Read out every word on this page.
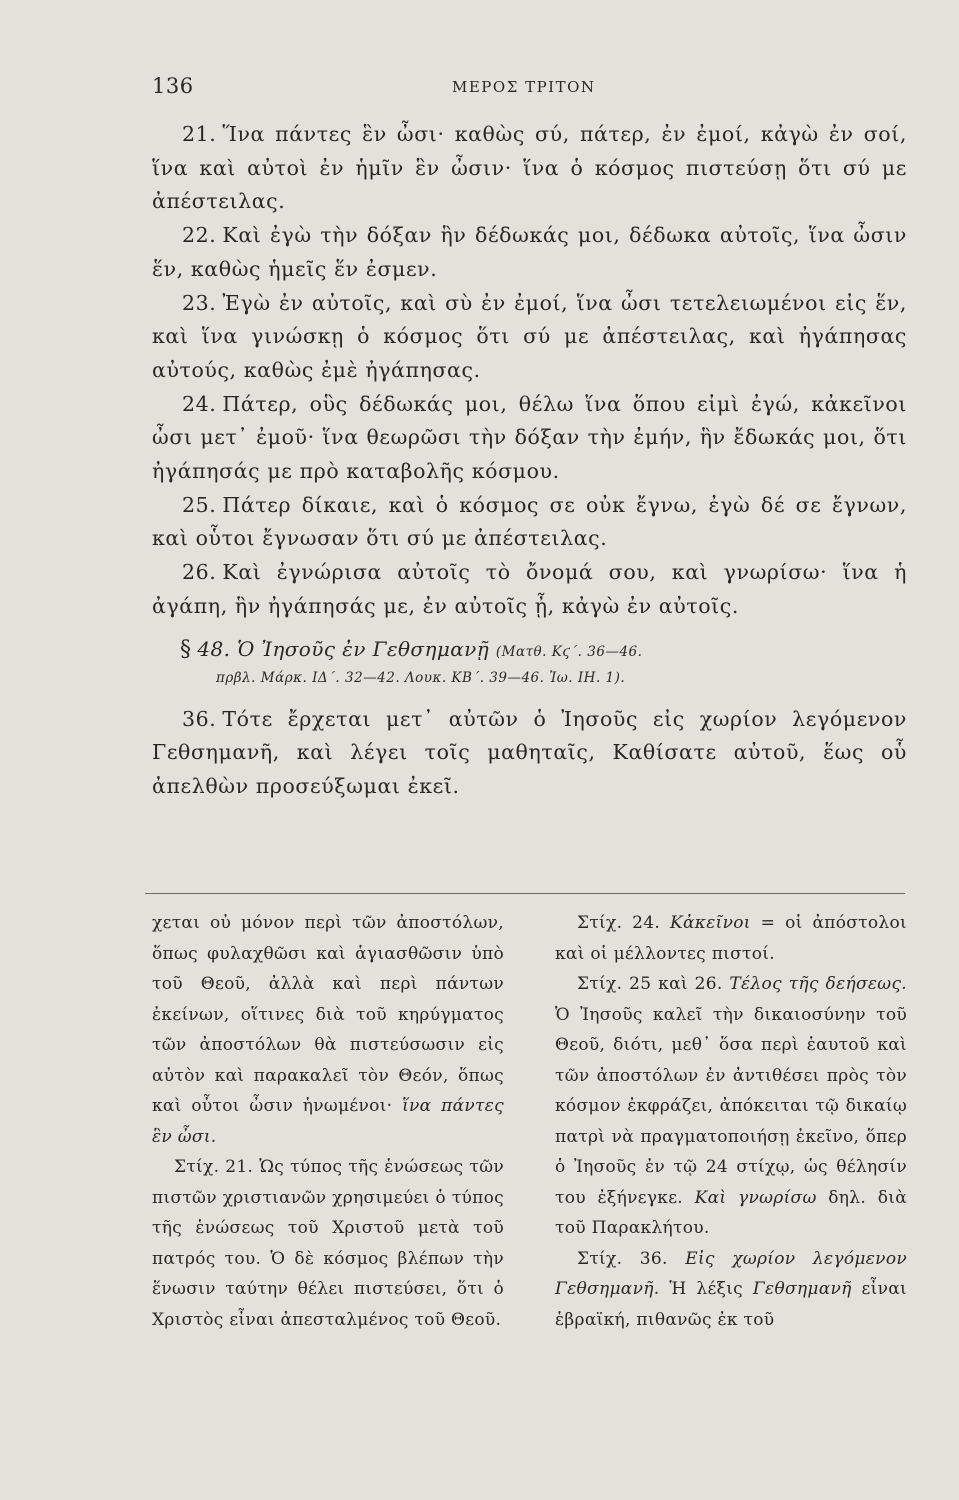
136	ΜΕΡΟΣ ΤΡΙΤΟΝ

21. Ἵνα πάντες ἓν ὦσι· καθὼς σύ, πάτερ, ἐν ἐμοί, κἀγὼ ἐν σοί, ἵνα καὶ αὐτοὶ ἐν ἡμῖν ἓν ὦσιν· ἵνα ὁ κόσμος πιστεύσῃ ὅτι σύ με ἀπέστειλας.

22. Καὶ ἐγὼ τὴν δόξαν ἣν δέδωκάς μοι, δέδωκα αὐτοῖς, ἵνα ὦσιν ἕν, καθὼς ἡμεῖς ἕν ἐσμεν.

23. Ἐγὼ ἐν αὐτοῖς, καὶ σὺ ἐν ἐμοί, ἵνα ὦσι τετελειωμένοι εἰς ἕν, καὶ ἵνα γινώσκῃ ὁ κόσμος ὅτι σύ με ἀπέστειλας, καὶ ἠγάπησας αὐτούς, καθὼς ἐμὲ ἠγάπησας.

24. Πάτερ, οὓς δέδωκάς μοι, θέλω ἵνα ὅπου εἰμὶ ἐγώ, κἀκεῖνοι ὦσι μετ᾿ ἐμοῦ· ἵνα θεωρῶσι τὴν δόξαν τὴν ἐμήν, ἣν ἔδωκάς μοι, ὅτι ἠγάπησάς με πρὸ καταβολῆς κόσμου.

25. Πάτερ δίκαιε, καὶ ὁ κόσμος σε οὐκ ἔγνω, ἐγὼ δέ σε ἔγνων, καὶ οὗτοι ἔγνωσαν ὅτι σύ με ἀπέστειλας.

26. Καὶ ἐγνώρισα αὐτοῖς τὸ ὄνομά σου, καὶ γνωρίσω· ἵνα ἡ ἀγάπη, ἣν ἠγάπησάς με, ἐν αὐτοῖς ᾖ, κἀγὼ ἐν αὐτοῖς.

§ 48. Ὁ Ἰησοῦς ἐν Γεθσημανῇ (Ματθ. Κϛ΄. 36—46.

πρβλ. Μάρκ. ΙΔ΄. 32—42. Λουκ. ΚΒ΄. 39—46. Ἰω. ΙΗ. 1).

36. Τότε ἔρχεται μετ᾿ αὐτῶν ὁ Ἰησοῦς εἰς χωρίον λεγόμενον Γεθσημανῆ, καὶ λέγει τοῖς μαθηταῖς, Καθίσατε αὐτοῦ, ἕως οὗ ἀπελθὼν προσεύξωμαι ἐκεῖ.

χεται οὐ μόνον περὶ τῶν ἀποστόλων, ὅπως φυλαχθῶσι καὶ ἁγιασθῶσιν ὑπὸ τοῦ Θεοῦ, ἀλλὰ καὶ περὶ πάντων ἐκείνων, οἵτινες διὰ τοῦ κηρύγματος τῶν ἀποστόλων θὰ πιστεύσωσιν εἰς αὐτὸν καὶ παρακαλεῖ τὸν Θεόν, ὅπως καὶ οὗτοι ὦσιν ἡνωμένοι· ἵνα πάντες ἓν ὦσι.

Στίχ. 21. Ὡς τύπος τῆς ἑνώσεως τῶν πιστῶν χριστιανῶν χρησιμεύει ὁ τύπος τῆς ἑνώσεως τοῦ Χριστοῦ μετὰ τοῦ πατρός του. Ὁ δὲ κόσμος βλέπων τὴν ἕνωσιν ταύτην θέλει πιστεύσει, ὅτι ὁ Χριστὸς εἶναι ἀπεσταλμένος τοῦ Θεοῦ.

Στίχ. 24. Κἀκεῖνοι = οἱ ἀπόστολοι καὶ οἱ μέλλοντες πιστοί.

Στίχ. 25 καὶ 26. Τέλος τῆς δεήσεως. Ὁ Ἰησοῦς καλεῖ τὴν δικαιοσύνην τοῦ Θεοῦ, διότι, μεθ᾿ ὅσα περὶ ἑαυτοῦ καὶ τῶν ἀποστόλων ἐν ἀντιθέσει πρὸς τὸν κόσμον ἐκφράζει, ἀπόκειται τῷ δικαίῳ πατρὶ νὰ πραγματοποιήσῃ ἐκεῖνο, ὅπερ ὁ Ἰησοῦς ἐν τῷ 24 στίχῳ, ὡς θέλησίν του ἐξήνεγκε. Καὶ γνωρίσω δηλ. διὰ τοῦ Παρακλήτου.

Στίχ. 36. Εἰς χωρίον λεγόμενον Γεθσημανῆ. Ἡ λέξις Γεθσημανῆ εἶναι ἑβραϊκή, πιθανῶς ἐκ τοῦ
